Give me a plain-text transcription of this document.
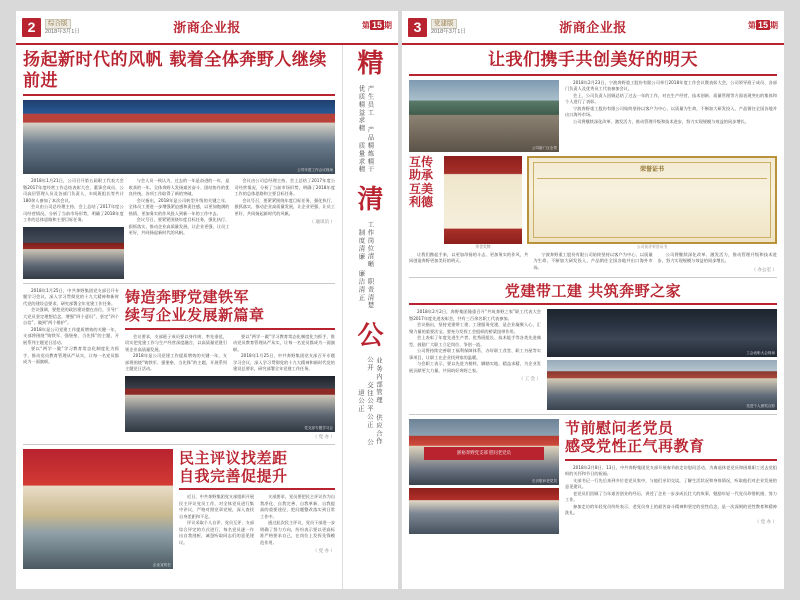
2	综合版
2018年3月1日	浙商企业报	第 15 期
扬起新时代的风帆 载着全体奔野人继续前进
公司年度工作会议现场
2018年1月21日，公司召开第五届职工代表大会暨2017年度经营工作总结表彰大会，董事会成员、公司高层管理人员及各部门负责人、车间班组长等共计180余人参加了本次会议。
会议由公司总经理主持，会上总结了2017年度公司经营情况，分析了当前市场形势，明确了2018年度工作的总体思路和主要目标任务。
与会人员一致认为，过去的一年是奋进的一年、是收获的一年。全体奔野人发扬艰苦奋斗、团结协作的优良传统，各项工作取得了新的突破。
会议指出，2018年是公司转型升级的关键之年，全体员工要进一步增强紧迫感和责任感，以更加饱满的热情、更加务实的作风投入到新一年的工作中去。
会议号召，要紧紧围绕年度目标任务，强化执行、狠抓落实，推动企业高质量发展，让企业更强、让员工更好，共同扬起新时代的风帆。
会议由公司总经理主持，会上总结了2017年度公司经营情况，分析了当前市场形势，明确了2018年度工作的总体思路和主要目标任务。
会议号召，要紧紧围绕年度目标任务，强化执行、狠抓落实，推动企业高质量发展，让企业更强、让员工更好，共同扬起新时代的风帆。
（ 通讯员 ）
2018年1月25日，中共奔野集团党支部召开专题学习会议，深入学习贯彻党的十九大精神和新时代党的建设总要求，研究部署全年党建工作任务。
会议强调，要把党的政治建设摆在首位，引导广大党员坚定理想信念，增强“四个意识”，坚定“四个自信”，做到“两个维护”。
2018年是公司党建工作提质增效的关键一年，支部将围绕“铸铁军、强堡垒、当先锋”的主题，开展系列主题党日活动。
要以“两学一做”学习教育常态化制度化为抓手，推动党员教育管理从严从实，让每一名党员都成为一面旗帜。
铸造奔野党建铁军
续写企业发展新篇章
会议要求，支部班子成员要以身作则、率先垂范，切实把党建工作与生产经营深度融合，以高质量党建引领企业高质量发展。
2018年是公司党建工作提质增效的关键一年，支部将围绕“铸铁军、强堡垒、当先锋”的主题，开展系列主题党日活动。
要以“两学一做”学习教育常态化制度化为抓手，推动党员教育管理从严从实，让每一名党员都成为一面旗帜。
2018年1月25日，中共奔野集团党支部召开专题学习会议，深入学习贯彻党的十九大精神和新时代党的建设总要求，研究部署全年党建工作任务。
党支部专题学习会
（ 党 办 ）
企业宣传栏
民主评议找差距
自我完善促提升
近日，中共奔野集团党支部组织开展民主评议党员工作，对全体党员进行集中评议，严格对照党章党规，深入查找自身差距和不足。
评议采取个人自评、党员互评、支部综合评定的方式进行，每名党员逐一作出自我剖析，诚恳听取同志们的意见建议。
支部要求，党员要把民主评议作为自我净化、自我完善、自我革新、自我提高的重要途径，把问题整改落实到日常工作中。
通过此次民主评议，党员干部进一步明确了努力方向，纷纷表示要以更高标准严格要求自己，在岗位上发挥先锋模范作用。
（ 党 办 ）
精
产生员工 产品精炼精干 优质精益求精 质量求精
清
工作岗位清晰 职责清楚 制度清廉 廉洁清正
公
业务内部管理 供应合作公开 交往公平公正 公道公正
3	党建版
2018年3月1日	浙商企业报	第 15 期
让我们携手共创美好的明天
公司新厂区全景
2018年2月23日，宁波奔野重工股份有限公司举行2018年度工作会议暨表彰大会，公司领导班子成员、各部门负责人及优秀员工代表参加会议。
会上，公司负责人回顾总结了过去一年的工作，对在生产经营、技术创新、质量管理等方面表现突出的集体和个人进行了表彰。
宁波奔野重工股份有限公司始终坚持以客户为中心、以质量为生命，不断加大研发投入，产品销往全国各地并出口海外市场。
公司将继续深化改革、激发活力，推动管理升级和技术进步，努力实现规模与效益的同步增长。
互传助承互美利德
荣誉奖牌
荣誉证书
公司获评荣誉证书
让我们携起手来，以更加昂扬的斗志、更加务实的作风，共同创造奔野更加美好的明天。
宁波奔野重工股份有限公司始终坚持以客户为中心、以质量为生命，不断加大研发投入，产品销往全国各地并出口海外市场。
公司将继续深化改革、激发活力，推动管理升级和技术进步，努力实现规模与效益的同步增长。
（ 办公室 ）
党建带工建 共筑奔野之家
2018年2月2日，奔野集团隆重召开“共筑奔野之家”职工代表大会暨2017年度先进表彰会，共有三百余名职工代表参加。
会议指出，坚持党建带工建、工建服务党建，是企业凝聚人心、汇聚力量的重要法宝。要充分发挥工会组织的桥梁纽带作用。
会上表彰了年度先进生产者、优秀班组长、技术能手等各类先进典型，鼓励广大职工立足岗位、争创一流。
公司将持续完善职工福利保障体系，办好职工食堂、职工书屋等实事项目，让职工在企业找到家的温暖。
与会职工表示，要以先进为榜样，脚踏实地、精益求精，为企业发展贡献更大力量，共同筑好奔野之家。
（ 工 会 ）
工会表彰大会现场
先进个人颁奖合影
浙裕奔野党支部 慰问老党员
走访慰问老党员
节前慰问老党员
感受党性正气再教育
2018年2月8日、13日，中共奔野集团党支部开展春节前走访慰问活动，为离退休老党员和困难职工送去党组织的关怀和节日的祝福。
支部书记一行先后来到多位老党员家中，与他们亲切交谈，了解生活状况和身体情况，听取他们对企业发展的意见建议。
老党员们回顾了当年艰苦创业的经历，讲述了企业一步步成长壮大的故事，勉励年轻一代党员珍惜机遇、努力工作。
参加走访的年轻党员纷纷表示，老党员身上的艰苦奋斗精神和坚定的党性信念，是一次深刻的党性教育和精神洗礼。
（ 党 办 ）
